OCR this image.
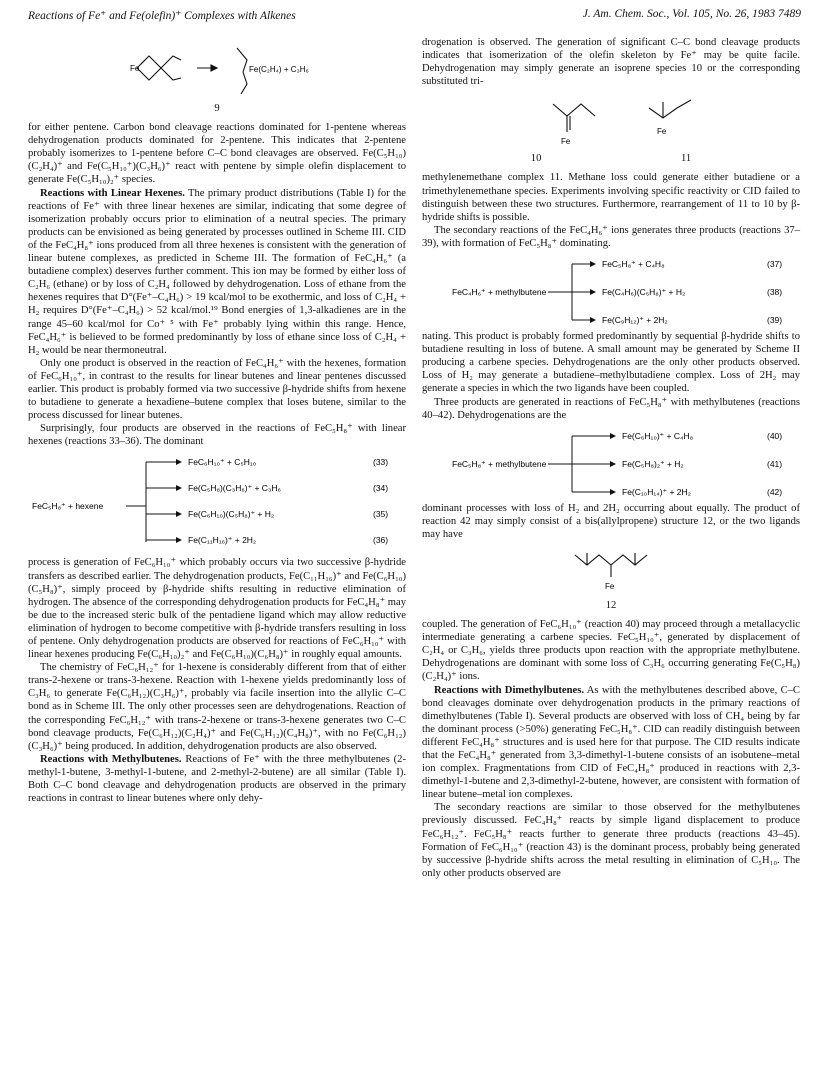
Reactions of Fe⁺ and Fe(olefin)⁺ Complexes with Alkenes	J. Am. Chem. Soc., Vol. 105, No. 26, 1983 7489
Fe	Fe(C₂H₄) + C₃H₆
9

for either pentene. Carbon bond cleavage reactions dominated for 1-pentene whereas dehydrogenation products dominated for 2-pentene. This indicates that 2-pentene probably isomerizes to 1-pentene before C–C bond cleavages are observed. Fe(C₅H₁₀)(C₂H₄)⁺ and Fe(C₅H₁₀⁺)(C₃H₆)⁺ react with pentene by simple olefin displacement to generate Fe(C₅H₁₀)₂⁺ species.

Reactions with Linear Hexenes. The primary product distributions (Table I) for the reactions of Fe⁺ with three linear hexenes are similar, indicating that some degree of isomerization probably occurs prior to elimination of a neutral species. The primary products can be envisioned as being generated by processes outlined in Scheme III. CID of the FeC₄H₈⁺ ions produced from all three hexenes is consistent with the generation of linear butene complexes, as predicted in Scheme III. The formation of FeC₄H₆⁺ (a butadiene complex) deserves further comment. This ion may be formed by either loss of C₂H₆ (ethane) or by loss of C₂H₄ followed by dehydrogenation. Loss of ethane from the hexenes requires that D°(Fe⁺–C₄H₆) > 19 kcal/mol to be exothermic, and loss of C₂H₄ + H₂ requires D°(Fe⁺–C₄H₆) > 52 kcal/mol.¹⁹ Bond energies of 1,3-alkadienes are in the range 45–60 kcal/mol for Co⁺ ⁵ with Fe⁺ probably lying within this range. Hence, FeC₄H₆⁺ is believed to be formed predominantly by loss of ethane since loss of C₂H₄ + H₂ would be near thermoneutral.

Only one product is observed in the reaction of FeC₄H₆⁺ with the hexenes, formation of FeC₆H₁₀⁺, in contrast to the results for linear butenes and linear pentenes discussed earlier. This product is probably formed via two successive β-hydride shifts from hexene to butadiene to generate a hexadiene–butene complex that loses butene, similar to the process discussed for linear butenes.

Surprisingly, four products are observed in the reactions of FeC₅H₈⁺ with linear hexenes (reactions 33–36). The dominant

FeC₅H₈⁺ + hexene
FeC₆H₁₀⁺ + C₅H₁₀	(33)
Fe(C₅H₈)(C₃H₆)⁺ + C₃H₆	(34)
Fe(C₆H₁₀)(C₅H₈)⁺ + H₂	(35)
Fe(C₁₁H₁₆)⁺ + 2H₂	(36)

process is generation of FeC₆H₁₀⁺ which probably occurs via two successive β-hydride transfers as described earlier. The dehydrogenation products, Fe(C₁₁H₁₆)⁺ and Fe(C₆H₁₀)(C₅H₈)⁺, simply proceed by β-hydride shifts resulting in reductive elimination of hydrogen. The absence of the corresponding dehydrogenation products for FeC₄H₈⁺ may be due to the increased steric bulk of the pentadiene ligand which may allow reductive elimination of hydrogen to become competitive with β-hydride transfers resulting in loss of pentene. Only dehydrogenation products are observed for reactions of FeC₆H₁₀⁺ with linear hexenes producing Fe(C₆H₁₀)₂⁺ and Fe(C₆H₁₀)(C₆H₈)⁺ in roughly equal amounts.

The chemistry of FeC₆H₁₂⁺ for 1-hexene is considerably different from that of either trans-2-hexene or trans-3-hexene. Reaction with 1-hexene yields predominantly loss of C₃H₆ to generate Fe(C₆H₁₂)(C₃H₆)⁺, probably via facile insertion into the allylic C–C bond as in Scheme III. The only other processes seen are dehydrogenations. Reaction of the corresponding FeC₆H₁₂⁺ with trans-2-hexene or trans-3-hexene generates two C–C bond cleavage products, Fe(C₆H₁₂)(C₂H₄)⁺ and Fe(C₆H₁₂)(C₄H₈)⁺, with no Fe(C₆H₁₂)(C₃H₆)⁺ being produced. In addition, dehydrogenation products are also observed.

Reactions with Methylbutenes. Reactions of Fe⁺ with the three methylbutenes (2-methyl-1-butene, 3-methyl-1-butene, and 2-methyl-2-butene) are all similar (Table I). Both C–C bond cleavage and dehydrogenation products are observed in the primary reactions in contrast to linear butenes where only dehy-

drogenation is observed. The generation of significant C–C bond cleavage products indicates that isomerization of the olefin skeleton by Fe⁺ may be quite facile. Dehydrogenation may simply generate an isoprene species 10 or the corresponding substituted tri-

Fe
Fe
10	11

methylenemethane complex 11. Methane loss could generate either butadiene or a trimethylenemethane species. Experiments involving specific reactivity or CID failed to distinguish between these two structures. Furthermore, rearrangement of 11 to 10 by β-hydride shifts is possible.

The secondary reactions of the FeC₄H₆⁺ ions generates three products (reactions 37–39), with formation of FeC₅H₈⁺ dominating.

FeC₄H₆⁺ + methylbutene
FeC₅H₈⁺ + C₄H₈	(37)
Fe(C₄H₆)(C₅H₈)⁺ + H₂	(38)
Fe(C₉H₁₂)⁺ + 2H₂	(39)

nating. This product is probably formed predominantly by sequential β-hydride shifts to butadiene resulting in loss of butene. A small amount may be generated by Scheme II producing a carbene species. Dehydrogenations are the only other products observed. Loss of H₂ may generate a butadiene–methylbutadiene complex. Loss of 2H₂ may generate a species in which the two ligands have been coupled.

Three products are generated in reactions of FeC₅H₈⁺ with methylbutenes (reactions 40–42). Dehydrogenations are the

FeC₅H₈⁺ + methylbutene
Fe(C₆H₁₀)⁺ + C₄H₈	(40)
Fe(C₅H₈)₂⁺ + H₂	(41)
Fe(C₁₀H₁₄)⁺ + 2H₂	(42)

dominant processes with loss of H₂ and 2H₂ occurring about equally. The product of reaction 42 may simply consist of a bis(allylpropene) structure 12, or the two ligands may have

Fe
12

coupled. The generation of FeC₆H₁₀⁺ (reaction 40) may proceed through a metallacyclic intermediate generating a carbene species. FeC₅H₁₀⁺, generated by displacement of C₂H₄ or C₃H₆, yields three products upon reaction with the appropriate methylbutene. Dehydrogenations are dominant with some loss of C₃H₆ occurring generating Fe(C₅H₈)(C₂H₄)⁺ ions.

Reactions with Dimethylbutenes. As with the methylbutenes described above, C–C bond cleavages dominate over dehydrogenation products in the primary reactions of dimethylbutenes (Table I). Several products are observed with loss of CH₄ being by far the dominant process (>50%) generating FeC₅H₈⁺. CID can readily distinguish between different FeC₄H₈⁺ structures and is used here for that purpose. The CID results indicate that the FeC₄H₈⁺ generated from 3,3-dimethyl-1-butene consists of an isobutene–metal ion complex. Fragmentations from CID of FeC₄H₈⁺ produced in reactions with 2,3-dimethyl-1-butene and 2,3-dimethyl-2-butene, however, are consistent with formation of linear butene–metal ion complexes.

The secondary reactions are similar to those observed for the methylbutenes previously discussed. FeC₄H₈⁺ reacts by simple ligand displacement to produce FeC₆H₁₂⁺. FeC₅H₈⁺ reacts further to generate three products (reactions 43–45). Formation of FeC₆H₁₀⁺ (reaction 43) is the dominant process, probably being generated by successive β-hydride shifts across the metal resulting in elimination of C₅H₁₀. The only other products observed are
